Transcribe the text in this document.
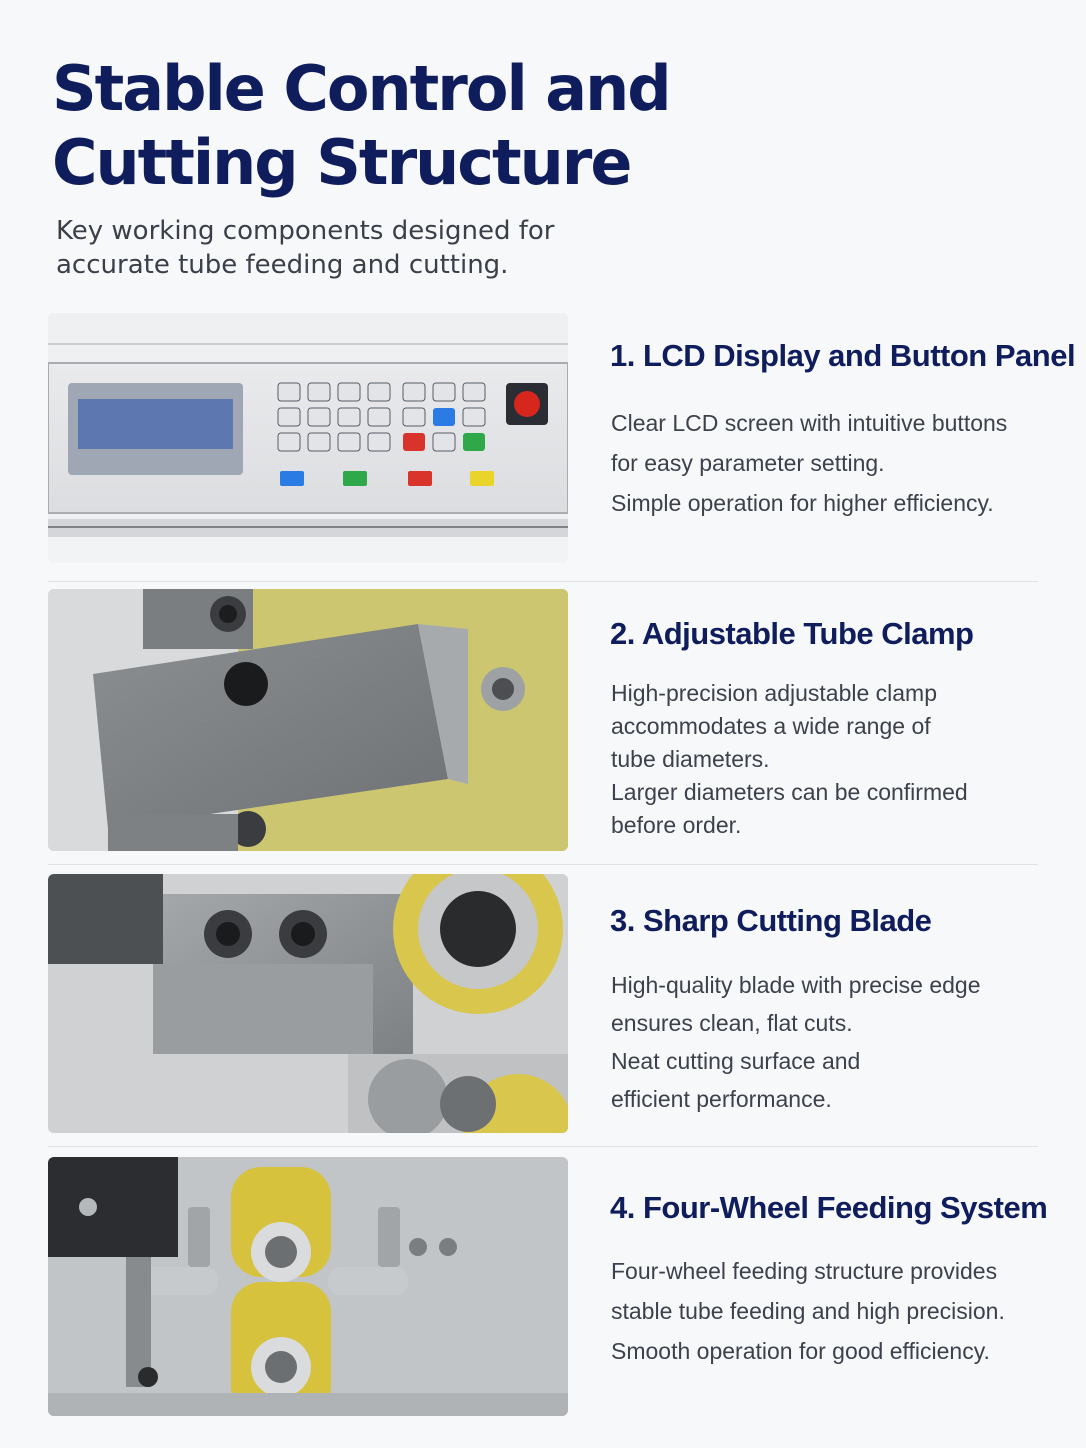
Stable Control and Cutting Structure
Key working components designed for accurate tube feeding and cutting.
1. LCD Display and Button Panel

Clear LCD screen with intuitive buttons

for easy parameter setting.

Simple operation for higher efficiency.

2. Adjustable Tube Clamp

High-precision adjustable clamp

accommodates a wide range of

tube diameters.

Larger diameters can be confirmed

before order.

3. Sharp Cutting Blade

High-quality blade with precise edge

ensures clean, flat cuts.

Neat cutting surface and

efficient performance.

4. Four-Wheel Feeding System

Four-wheel feeding structure provides

stable tube feeding and high precision.

Smooth operation for good efficiency.
